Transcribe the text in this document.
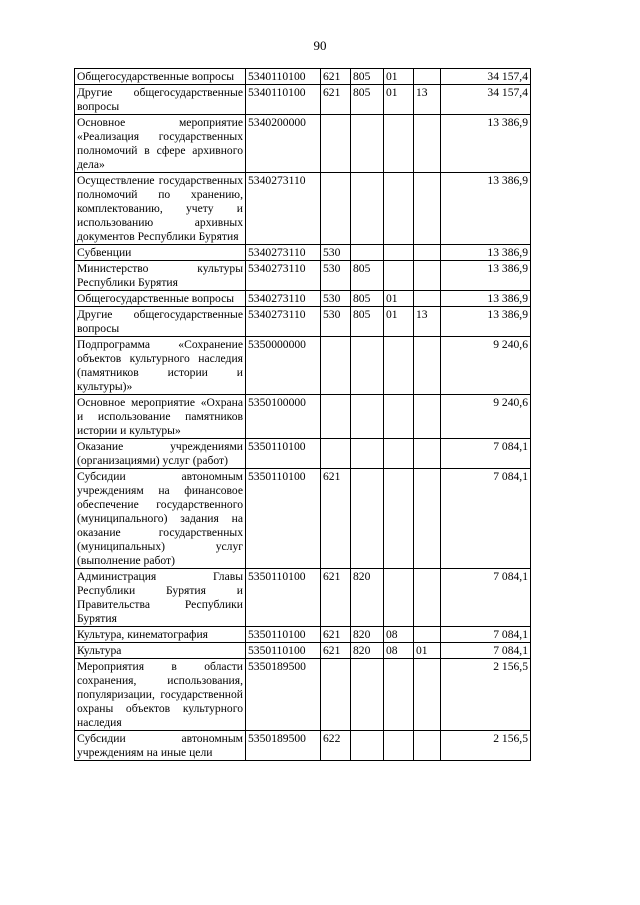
90
Общегосударственные вопросы	5340110100	621	805	01		34 157,4
Другие общегосударственные вопросы	5340110100	621	805	01	13	34 157,4
Основное мероприятие «Реализация государственных полномочий в сфере архивного дела»	5340200000					13 386,9
Осуществление государственных полномочий по хранению, комплектованию, учету и использованию архивных документов Республики Бурятия	5340273110					13 386,9
Субвенции	5340273110	530				13 386,9
Министерство культуры Республики Бурятия	5340273110	530	805			13 386,9
Общегосударственные вопросы	5340273110	530	805	01		13 386,9
Другие общегосударственные вопросы	5340273110	530	805	01	13	13 386,9
Подпрограмма «Сохранение объектов культурного наследия (памятников истории и культуры)»	5350000000					9 240,6
Основное мероприятие «Охрана и использование памятников истории и культуры»	5350100000					9 240,6
Оказание учреждениями (организациями) услуг (работ)	5350110100					7 084,1
Субсидии автономным учреждениям на финансовое обеспечение государственного (муниципального) задания на оказание государственных (муниципальных) услуг (выполнение работ)	5350110100	621				7 084,1
Администрация Главы Республики Бурятия и Правительства Республики Бурятия	5350110100	621	820			7 084,1
Культура, кинематография	5350110100	621	820	08		7 084,1
Культура	5350110100	621	820	08	01	7 084,1
Мероприятия в области сохранения, использования, популяризации, государственной охраны объектов культурного наследия	5350189500					2 156,5
Субсидии автономным учреждениям на иные цели	5350189500	622				2 156,5
